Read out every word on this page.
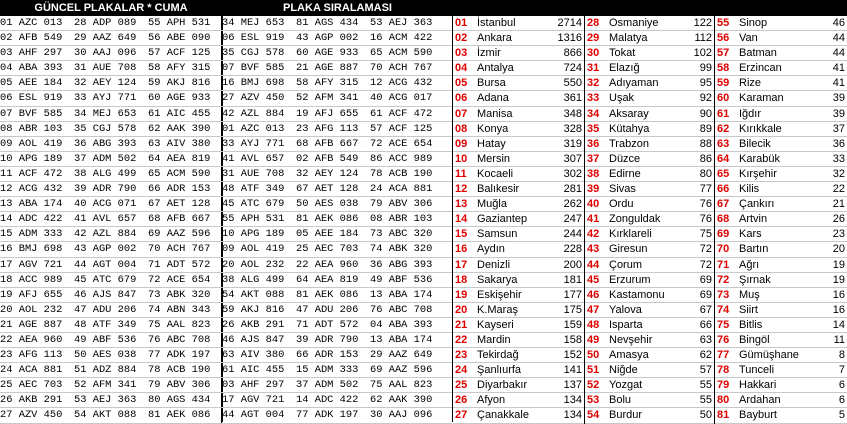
GÜNCEL PLAKALAR * CUMA	PLAKA SIRALAMASI
01 AZC 013 28 ADP 089 55 APH 531 34 MEJ 653 81 AGS 434 53 AEJ 363
02 AFB 549 29 AAZ 649 56 ABE 090 06 ESL 919 43 AGP 002 16 ACM 422
03 AHF 297 30 AAJ 096 57 ACF 125 35 CGJ 578 60 AGE 933 65 ACM 590
04 ABA 393 31 AUE 708 58 AFY 315 07 BVF 585 21 AGE 887 70 ACH 767
05 AEE 184 32 AEY 124 59 AKJ 816 16 BMJ 698 58 AFY 315 12 ACG 432
06 ESL 919 33 AYJ 771 60 AGE 933 27 AZV 450 52 AFM 341 40 ACG 017
07 BVF 585 34 MEJ 653 61 AIC 455 42 AZL 884 19 AFJ 655 61 ACF 472
08 ABR 103 35 CGJ 578 62 AAK 390 01 AZC 013 23 AFG 113 57 ACF 125
09 AOL 419 36 ABG 393 63 AIV 380 33 AYJ 771 68 AFB 667 72 ACE 654
10 APG 189 37 ADM 502 64 AEA 819 41 AVL 657 02 AFB 549 86 ACC 989
11 ACF 472 38 ALG 499 65 ACM 590 31 AUE 708 32 AEY 124 78 ACB 190
12 ACG 432 39 ADR 790 66 ADR 153 48 ATF 349 67 AET 128 24 ACA 881
13 ABA 174 40 ACG 071 67 AET 128 45 ATC 679 50 AES 038 79 ABV 306
14 ADC 422 41 AVL 657 68 AFB 667 55 APH 531 81 AEK 086 08 ABR 103
15 ADM 333 42 AZL 884 69 AAZ 596 10 APG 189 05 AEE 184 73 ABC 320
16 BMJ 698 43 AGP 002 70 ACH 767 09 AOL 419 25 AEC 703 74 ABK 320
17 AGV 721 44 AGT 004 71 ADT 572 20 AOL 232 22 AEA 960 36 ABG 393
18 ACC 989 45 ATC 679 72 ACE 654 38 ALG 499 64 AEA 819 49 ABF 536
19 AFJ 655 46 AJS 847 73 ABK 320 54 AKT 088 81 AEK 086 13 ABA 174
20 AOL 232 47 ADU 206 74 ABN 343 59 AKJ 816 47 ADU 206 76 ABC 708
21 AGE 887 48 ATF 349 75 AAL 823 26 AKB 291 71 ADT 572 04 ABA 393
22 AEA 960 49 ABF 536 76 ABC 708 46 AJS 847 39 ADR 790 13 ABA 174
23 AFG 113 50 AES 038 77 ADK 197 63 AIV 380 66 ADR 153 29 AAZ 649
24 ACA 881 51 ADZ 884 78 ACB 190 61 AIC 455 15 ADM 333 69 AAZ 596
25 AEC 703 52 AFM 341 79 ABV 306 03 AHF 297 37 ADM 502 75 AAL 823
26 AKB 291 53 AEJ 363 80 AGS 434 17 AGV 721 14 ADC 422 62 AAK 390
27 AZV 450 54 AKT 088 81 AEK 086 44 AGT 004 77 ADK 197 30 AAJ 096
01 İstanbul	2714 28 Osmaniye	122 55 Sinop	46
02 Ankara	1316 29 Malatya	112 56 Van	44
03 İzmir	866 30 Tokat	102 57 Batman	44
04 Antalya	724 31 Elazığ	99 58 Erzincan	41
05 Bursa	550 32 Adıyaman	95 59 Rize	41
06 Adana	361 33 Uşak	92 60 Karaman	39
07 Manisa	348 34 Aksaray	90 61 Iğdır	39
08 Konya	328 35 Kütahya	89 62 Kırıkkale	37
09 Hatay	319 36 Trabzon	88 63 Bilecik	36
10 Mersin	307 37 Düzce	86 64 Karabük	33
11 Kocaeli	302 38 Edirne	80 65 Kırşehir	32
12 Balıkesir	281 39 Sivas	77 66 Kilis	22
13 Muğla	262 40 Ordu	76 67 Çankırı	21
14 Gaziantep	247 41 Zonguldak	76 68 Artvin	26
15 Samsun	244 42 Kırklareli	75 69 Kars	23
16 Aydın	228 43 Giresun	72 70 Bartın	20
17 Denizli	200 44 Çorum	72 71 Ağrı	19
18 Sakarya	181 45 Erzurum	69 72 Şırnak	19
19 Eskişehir	177 46 Kastamonu	69 73 Muş	16
20 K.Maraş	175 47 Yalova	67 74 Siirt	16
21 Kayseri	159 48 Isparta	66 75 Bitlis	14
22 Mardin	158 49 Nevşehir	63 76 Bingöl	11
23 Tekirdağ	152 50 Amasya	62 77 Gümüşhane	8
24 Şanlıurfa	141 51 Niğde	57 78 Tunceli	7
25 Diyarbakır	137 52 Yozgat	55 79 Hakkari	6
26 Afyon	134 53 Bolu	55 80 Ardahan	6
27 Çanakkale	134 54 Burdur	50 81 Bayburt	5
